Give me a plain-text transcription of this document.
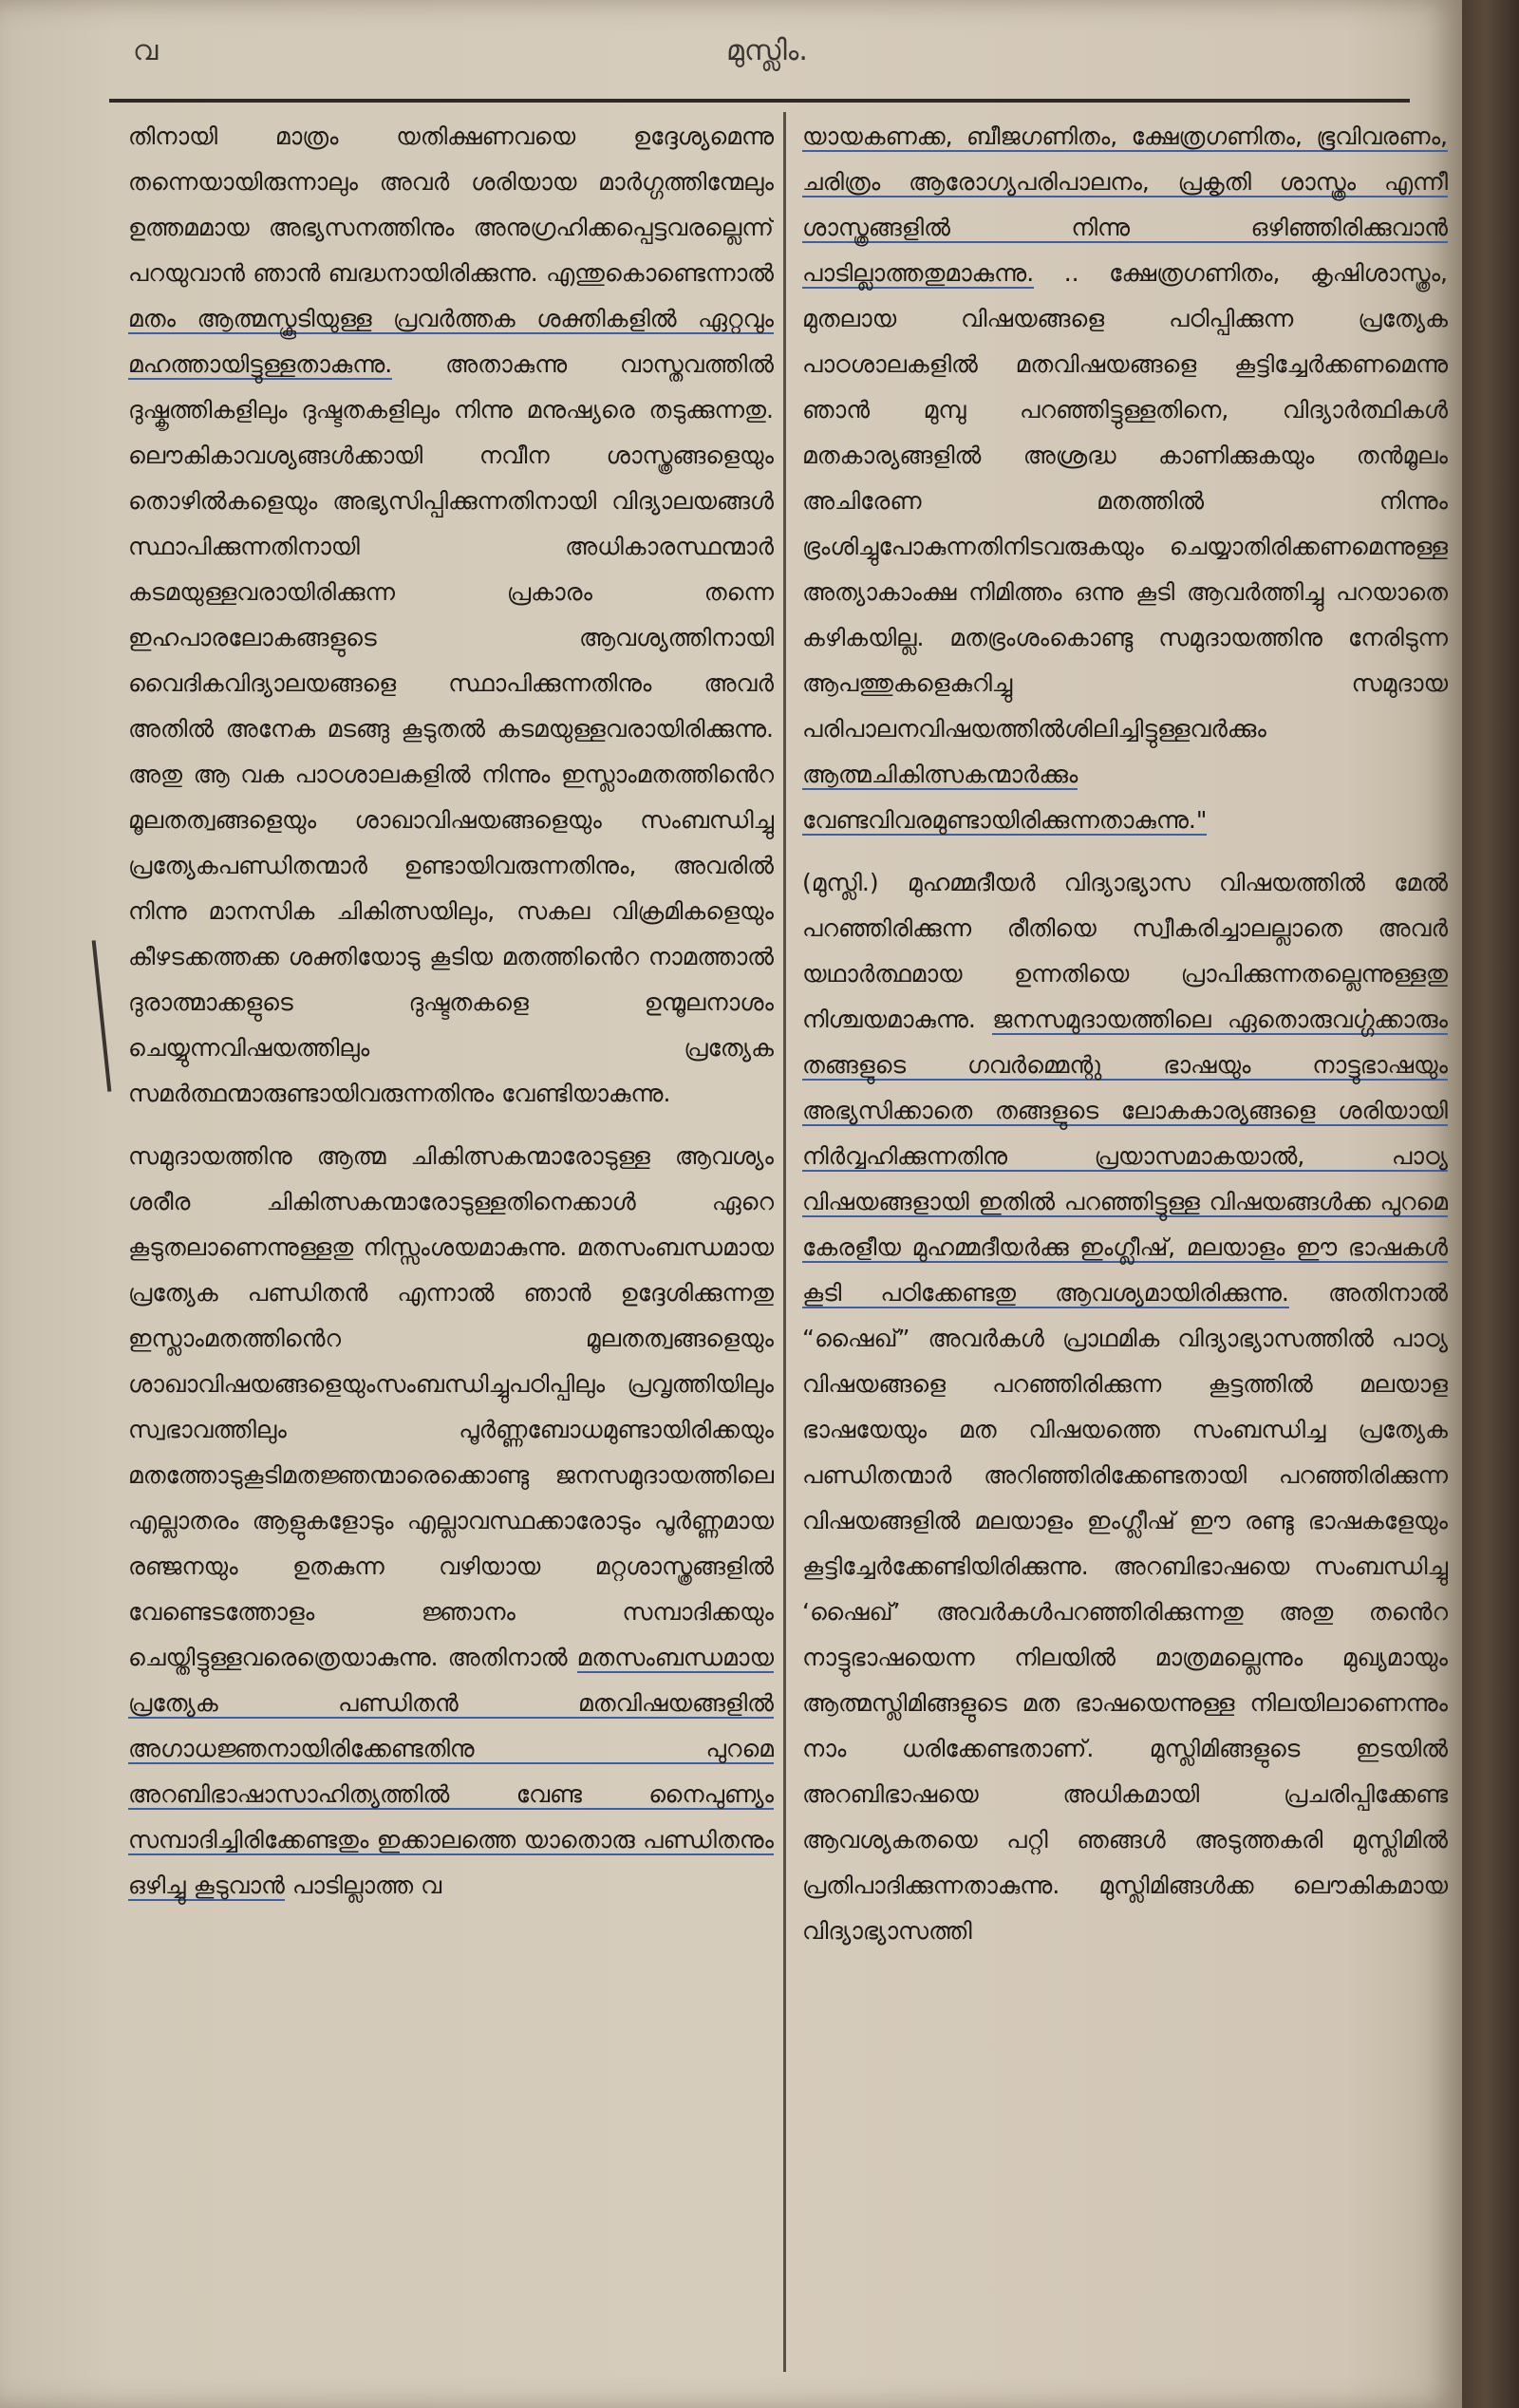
വ	മുസ്ലിം.

തിനായി മാത്രം യതിക്ഷണവയെ ഉദ്ദേശ്യമെന്നു തന്നെയായിരുന്നാലും അവർ ശരിയായ മാർഗ്ഗത്തിന്മേലും ഉത്തമമായ അഭ്യസനത്തിനും അനുഗ്രഹിക്കപ്പെട്ടവരല്ലെന്ന് പറയുവാൻ ഞാൻ ബദ്ധനായിരിക്കുന്നു. എന്തുകൊണ്ടെന്നാൽ മതം ആത്മസ്കൂടിയുള്ള പ്രവർത്തക ശക്തികളിൽ ഏറ്റവും മഹത്തായിട്ടുള്ളതാകുന്നു. അതാകുന്നു വാസ്തവത്തിൽ ദുഷ്കൃത്തികളിലും ദുഷ്ടതകളിലും നിന്നു മനുഷ്യരെ തടുക്കുന്നതു. ലൌകികാവശ്യങ്ങൾക്കായി നവീന ശാസ്ത്രങ്ങളെയും തൊഴിൽകളെയും അഭ്യസിപ്പിക്കുന്നതിനായി വിദ്യാലയങ്ങൾ സ്ഥാപിക്കുന്നതിനായി അധികാരസ്ഥന്മാർ കടമയുള്ളവരായിരിക്കുന്ന പ്രകാരം തന്നെ ഇഹപാരലോകങ്ങളുടെ ആവശ്യത്തിനായി വൈദികവിദ്യാലയങ്ങളെ സ്ഥാപിക്കുന്നതിനും അവർ അതിൽ അനേക മടങ്ങു കൂടുതൽ കടമയുള്ളവരായിരിക്കുന്നു. അതു ആ വക പാഠശാലകളിൽ നിന്നും ഇസ്ലാംമതത്തിൻെറ മൂലതത്വങ്ങളെയും ശാഖാവിഷയങ്ങളെയും സംബന്ധിച്ചു പ്രത്യേകപണ്ഡിതന്മാർ ഉണ്ടായിവരുന്നതിനും, അവരിൽ നിന്നു മാനസിക ചികിത്സയിലും, സകല വിക്രമികളെയും കീഴടക്കത്തക്ക ശക്തിയോടു കൂടിയ മതത്തിൻെറ നാമത്താൽ ദുരാത്മാക്കളുടെ ദുഷ്ടതകളെ ഉന്മൂലനാശം ചെയ്യുന്നവിഷയത്തിലും പ്രത്യേക സമർത്ഥന്മാരുണ്ടായിവരുന്നതിനും വേണ്ടിയാകുന്നു.

സമുദായത്തിനു ആത്മ ചികിത്സകന്മാരോടുള്ള ആവശ്യം ശരീര ചികിത്സകന്മാരോടുള്ളതിനെക്കാൾ ഏറെ കൂടുതലാണെന്നുള്ളതു നിസ്സംശയമാകുന്നു. മതസംബന്ധമായ പ്രത്യേക പണ്ഡിതൻ എന്നാൽ ഞാൻ ഉദ്ദേശിക്കുന്നതു ഇസ്ലാംമതത്തിൻെറ മൂലതത്വങ്ങളെയും ശാഖാവിഷയങ്ങളെയുംസംബന്ധിച്ചുപഠിപ്പിലും പ്രവൃത്തിയിലും സ്വഭാവത്തിലും പൂർണ്ണബോധമുണ്ടായിരിക്കയും മതത്തോടുകൂടിമതജ്ഞന്മാരെക്കൊണ്ടു ജനസമുദായത്തിലെ എല്ലാതരം ആളുകളോടും എല്ലാവസ്ഥക്കാരോടും പൂർണ്ണമായ രഞ്ജനയും ഉതകുന്ന വഴിയായ മറ്റശാസ്ത്രങ്ങളിൽ വേണ്ടെടത്തോളം ജ്ഞാനം സമ്പാദിക്കയും ചെയ്തിട്ടുള്ളവരെത്രെയാകുന്നു. അതിനാൽ മതസംബന്ധമായ പ്രത്യേക പണ്ഡിതൻ മതവിഷയങ്ങളിൽ അഗാധജ്ഞനായിരിക്കേണ്ടതിനു പുറമെ അറബിഭാഷാസാഹിത്യത്തിൽ വേണ്ട നൈപുണ്യം സമ്പാദിച്ചിരിക്കേണ്ടതും ഇക്കാലത്തെ യാതൊരു പണ്ഡിതനും ഒഴിച്ചു കൂടുവാൻ പാടില്ലാത്ത വ

യായകണക്ക, ബീജഗണിതം, ക്ഷേത്രഗണിതം, ഭൂവിവരണം, ചരിത്രം ആരോഗ്യപരിപാലനം, പ്രകൃതി ശാസ്ത്രം എന്നീ ശാസ്ത്രങ്ങളിൽ നിന്നു ഒഴിഞ്ഞിരിക്കുവാൻ പാടില്ലാത്തതുമാകുന്നു. .. ക്ഷേത്രഗണിതം, കൃഷിശാസ്ത്രം, മുതലായ വിഷയങ്ങളെ പഠിപ്പിക്കുന്ന പ്രത്യേക പാഠശാലകളിൽ മതവിഷയങ്ങളെ കൂട്ടിച്ചേർക്കണമെന്നു ഞാൻ മുമ്പു പറഞ്ഞിട്ടുള്ളതിനെ, വിദ്യാർത്ഥികൾ മതകാര്യങ്ങളിൽ അശ്രദ്ധ കാണിക്കുകയും തൻമൂലം അചിരേണ മതത്തിൽ നിന്നും ഭ്രംശിച്ചുപോകുന്നതിനിടവരുകയും ചെയ്യാതിരിക്കണമെന്നുള്ള അത്യാകാംക്ഷ നിമിത്തം ഒന്നു കൂടി ആവർത്തിച്ചു പറയാതെ കഴികയില്ല. മതഭ്രംശംകൊണ്ടു സമുദായത്തിനു നേരിടുന്ന ആപത്തുകളെകുറിച്ചു സമുദായ പരിപാലനവിഷയത്തിൽശിലിച്ചിട്ടുള്ളവർക്കും ആത്മചികിത്സകന്മാർക്കും വേണ്ടവിവരമുണ്ടായിരിക്കുന്നതാകുന്നു."

(മുസ്ലി.) മുഹമ്മദീയർ വിദ്യാഭ്യാസ വിഷയത്തിൽ മേൽ പറഞ്ഞിരിക്കുന്ന രീതിയെ സ്വീകരിച്ചാലല്ലാതെ അവർ യഥാർത്ഥമായ ഉന്നതിയെ പ്രാപിക്കുന്നതല്ലെന്നുള്ളതു നിശ്ചയമാകുന്നു. ജനസമുദായത്തിലെ ഏതൊരുവൎഗ്ഗക്കാരും തങ്ങളുടെ ഗവർമ്മെന്റു ഭാഷയും നാട്ടുഭാഷയും അഭ്യസിക്കാതെ തങ്ങളുടെ ലോകകാര്യങ്ങളെ ശരിയായി നിർവ്വഹിക്കുന്നതിനു പ്രയാസമാകയാൽ, പാഠ്യ വിഷയങ്ങളായി ഇതിൽ പറഞ്ഞിട്ടുള്ള വിഷയങ്ങൾക്ക പുറമെ കേരളീയ മുഹമ്മദീയർക്കു ഇംഗ്ലീഷ്, മലയാളം ഈ ഭാഷകൾ കൂടി പഠിക്കേണ്ടതു ആവശ്യമായിരിക്കുന്നു. അതിനാൽ “ഷൈഖ്” അവർകൾ പ്രാഥമിക വിദ്യാഭ്യാസത്തിൽ പാഠ്യ വിഷയങ്ങളെ പറഞ്ഞിരിക്കുന്ന കൂട്ടത്തിൽ മലയാള ഭാഷയേയും മത വിഷയത്തെ സംബന്ധിച്ച പ്രത്യേക പണ്ഡിതന്മാർ അറിഞ്ഞിരിക്കേണ്ടതായി പറഞ്ഞിരിക്കുന്ന വിഷയങ്ങളിൽ മലയാളം ഇംഗ്ലീഷ് ഈ രണ്ടു ഭാഷകളേയും കൂട്ടിച്ചേർക്കേണ്ടിയിരിക്കുന്നു. അറബിഭാഷയെ സംബന്ധിച്ചു ‘ഷൈഖ്’ അവർകൾപറഞ്ഞിരിക്കുന്നതു അതു തൻെറ നാട്ടുഭാഷയെന്ന നിലയിൽ മാത്രമല്ലെന്നും മുഖ്യമായും ആത്മസ്ലിമിങ്ങളുടെ മത ഭാഷയെന്നുള്ള നിലയിലാണെന്നും നാം ധരിക്കേണ്ടതാണ്. മുസ്ലിമിങ്ങളുടെ ഇടയിൽ അറബിഭാഷയെ അധികമായി പ്രചരിപ്പിക്കേണ്ട ആവശ്യകതയെ പറ്റി ഞങ്ങൾ അടുത്തകരി മുസ്ലിമിൽ പ്രതിപാദിക്കുന്നതാകുന്നു. മുസ്ലിമിങ്ങൾക്ക ലൌകികമായ വിദ്യാഭ്യാസത്തി
